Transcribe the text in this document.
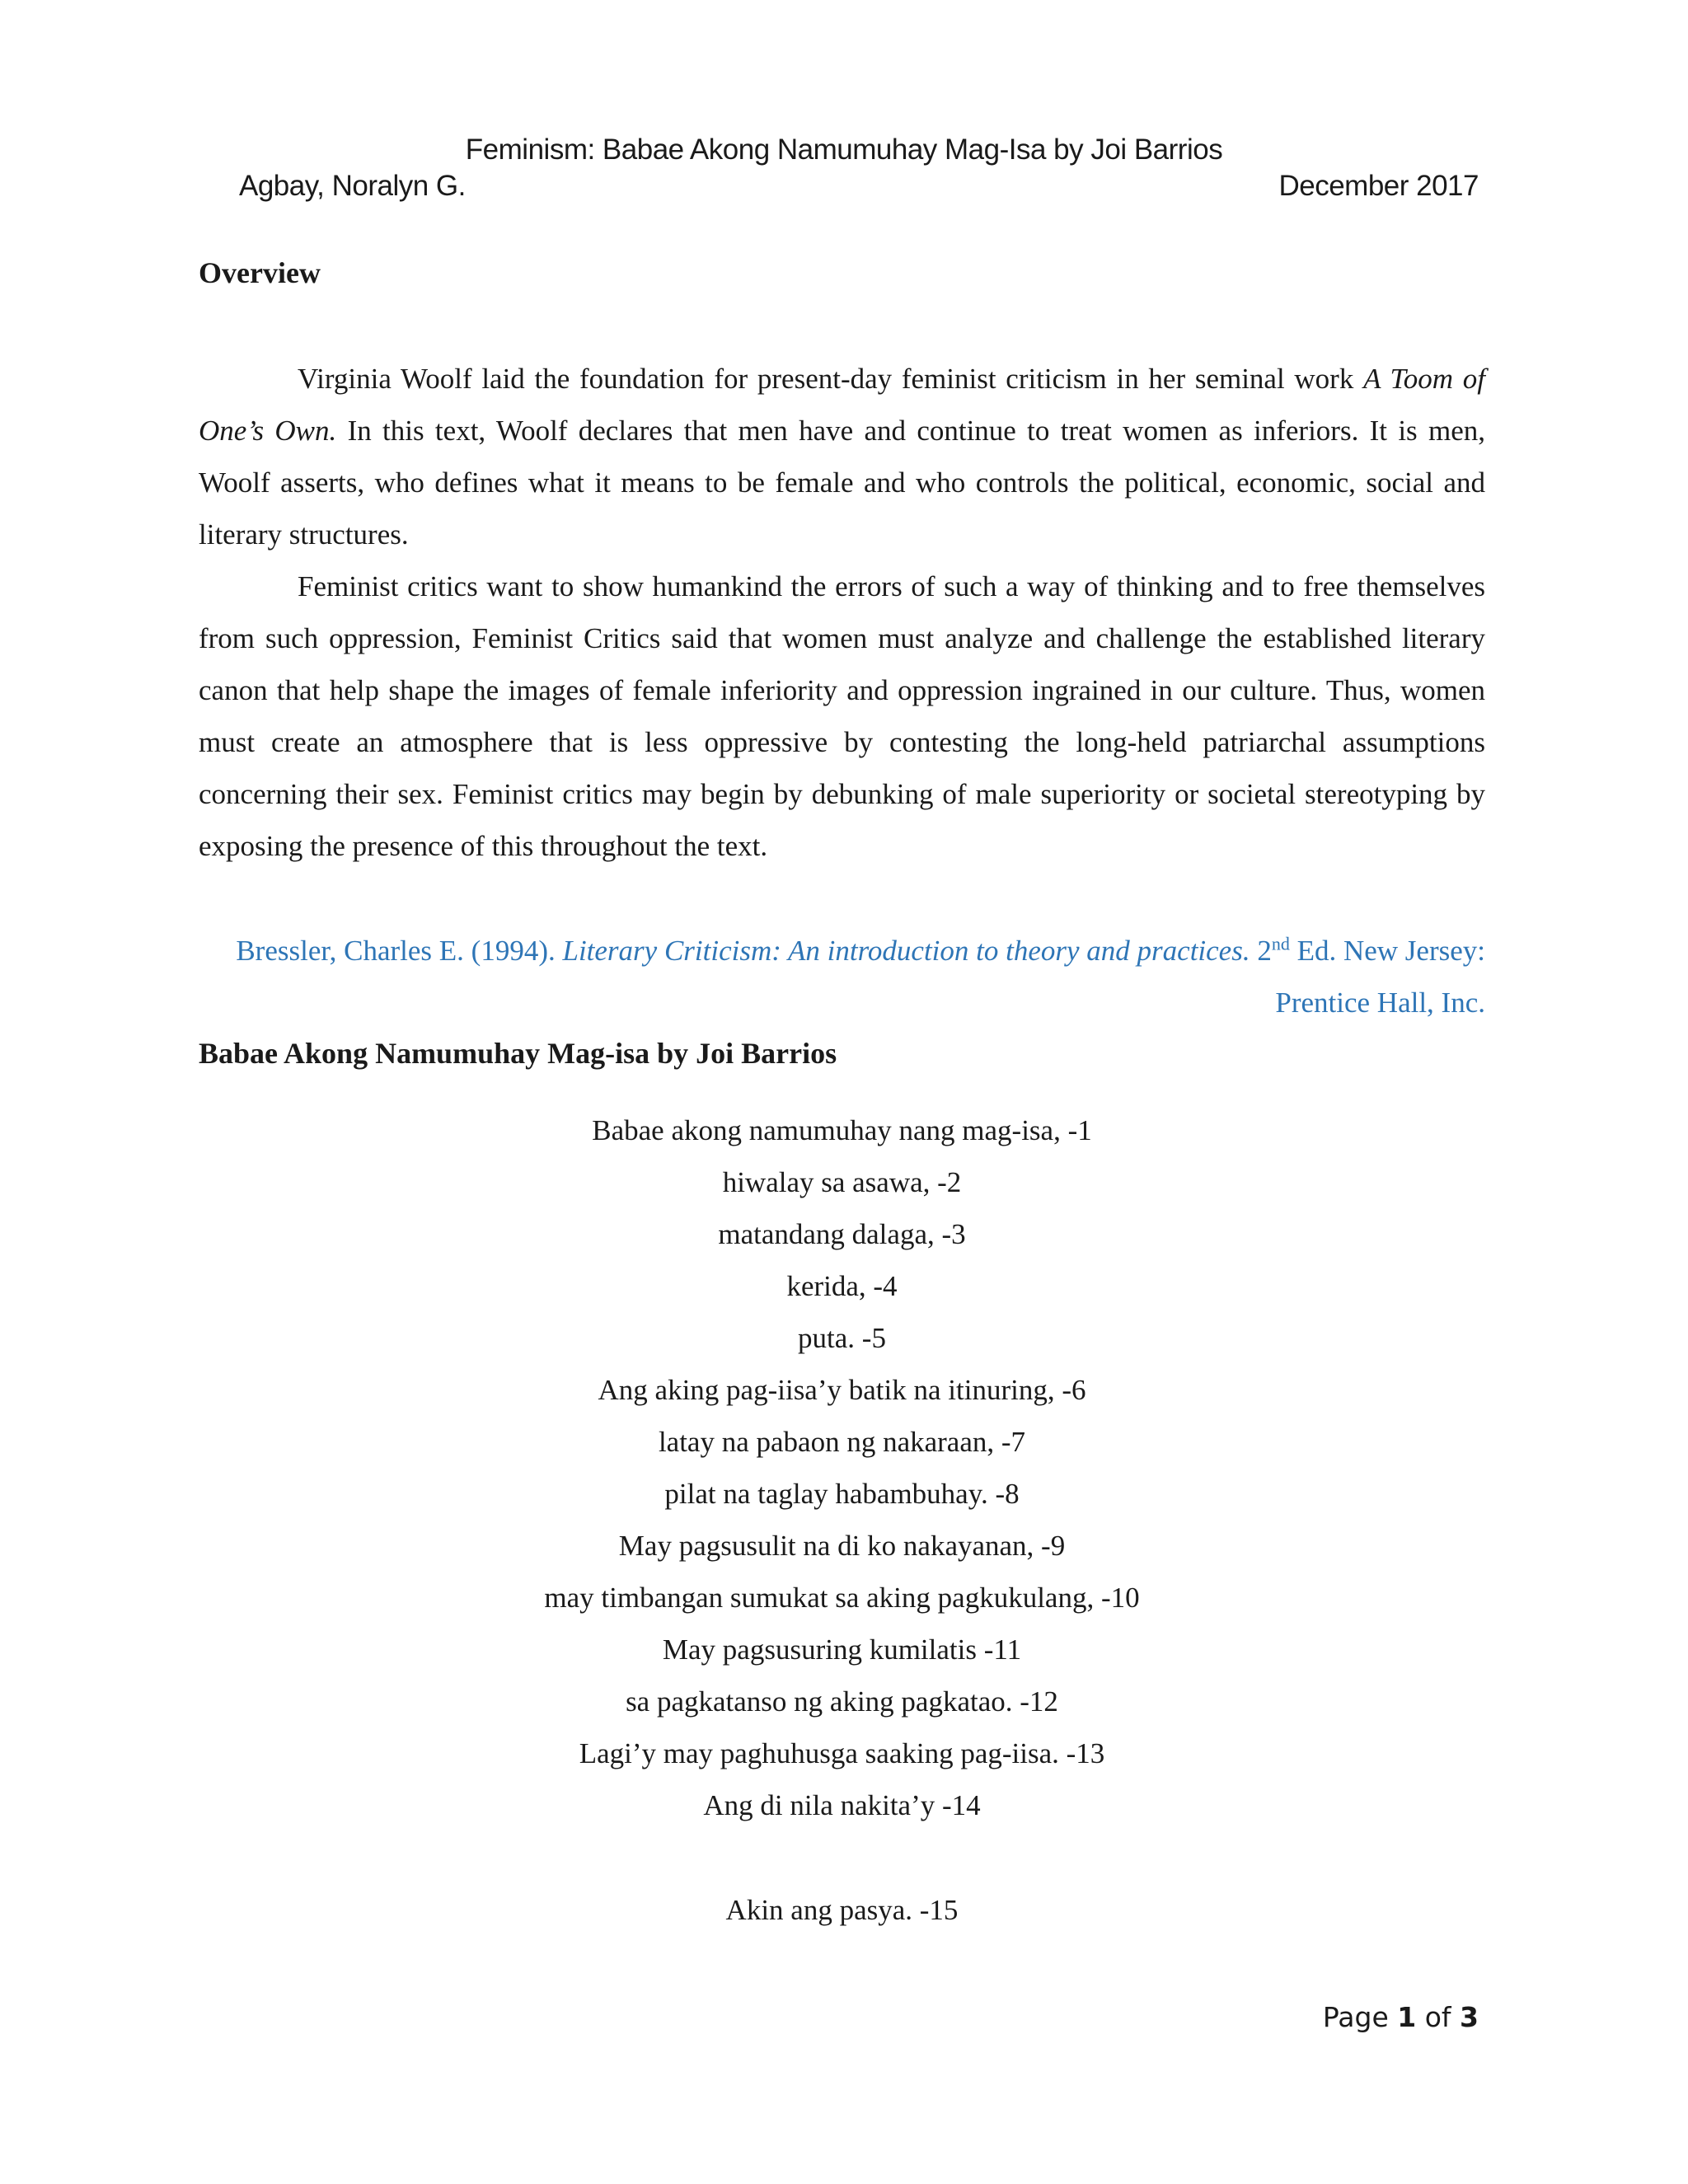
Feminism: Babae Akong Namumuhay Mag-Isa by Joi Barrios
Agbay, Noralyn G.	December 2017
Overview

Virginia Woolf laid the foundation for present-day feminist criticism in her seminal work A Toom of One’s Own. In this text, Woolf declares that men have and continue to treat women as inferiors. It is men, Woolf asserts, who defines what it means to be female and who controls the political, economic, social and literary structures.

Feminist critics want to show humankind the errors of such a way of thinking and to free themselves from such oppression, Feminist Critics said that women must analyze and challenge the established literary canon that help shape the images of female inferiority and oppression ingrained in our culture. Thus, women must create an atmosphere that is less oppressive by contesting the long-held patriarchal assumptions concerning their sex. Feminist critics may begin by debunking of male superiority or societal stereotyping by exposing the presence of this throughout the text.

Bressler, Charles E. (1994). Literary Criticism: An introduction to theory and practices. 2nd Ed. New Jersey: Prentice Hall, Inc.
Babae Akong Namumuhay Mag-isa by Joi Barrios
Babae akong namumuhay nang mag-isa, -1
hiwalay sa asawa, -2
matandang dalaga, -3
kerida, -4
puta. -5
Ang aking pag-iisa’y batik na itinuring, -6
latay na pabaon ng nakaraan, -7
pilat na taglay habambuhay. -8
May pagsusulit na di ko nakayanan, -9
may timbangan sumukat sa aking pagkukulang, -10
May pagsusuring kumilatis -11
sa pagkatanso ng aking pagkatao. -12
Lagi’y may paghuhusga saaking pag-iisa. -13
Ang di nila nakita’y -14
Akin ang pasya. -15
Page 1 of 3
